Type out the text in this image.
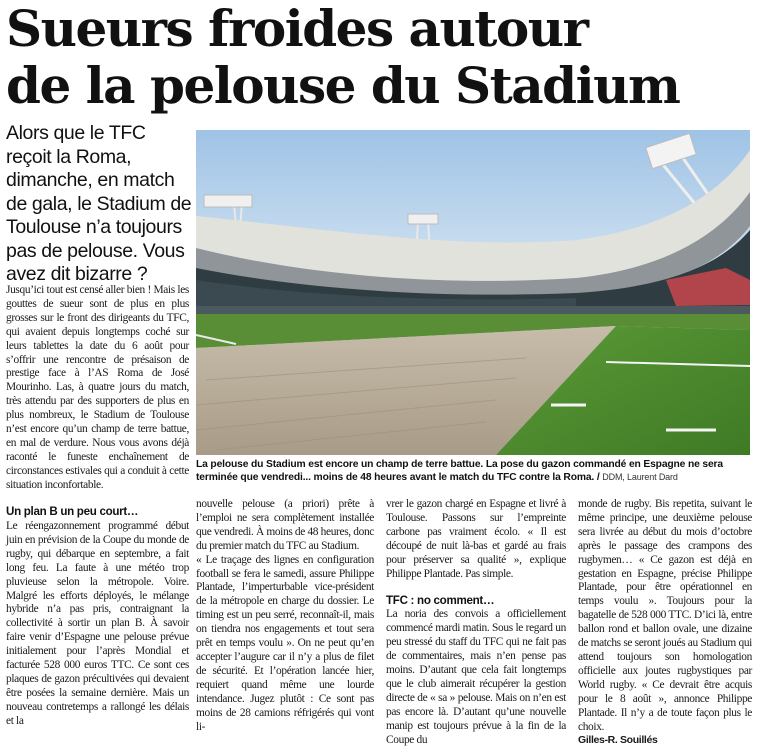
Sueurs froides autour
de la pelouse du Stadium
Alors que le TFC reçoit la Roma, dimanche, en match de gala, le Stadium de Toulouse n’a toujours pas de pelouse. Vous avez dit bizarre ?
La pelouse du Stadium est encore un champ de terre battue. La pose du gazon commandé en Espagne ne sera terminée que vendredi... moins de 48 heures avant le match du TFC contre la Roma. / DDM, Laurent Dard

Jusqu’ici tout est censé aller bien ! Mais les gouttes de sueur sont de plus en plus grosses sur le front des dirigeants du TFC, qui avaient depuis longtemps coché sur leurs tablettes la date du 6 août pour s’offrir une rencontre de présaison de prestige face à l’AS Roma de José Mourinho. Las, à quatre jours du match, très attendu par des supporters de plus en plus nombreux, le Stadium de Toulouse n’est encore qu’un champ de terre battue, en mal de verdure. Nous vous avons déjà raconté le funeste enchaînement de circonstances estivales qui a conduit à cette situation inconfortable.

Un plan B un peu court…

Le réengazonnement programmé début juin en prévision de la Coupe du monde de rugby, qui débarque en septembre, a fait long feu. La faute à une météo trop pluvieuse selon la métropole. Voire. Malgré les efforts déployés, le mélange hybride n’a pas pris, contraignant la collectivité à sortir un plan B. À savoir faire venir d’Espagne une pelouse prévue initialement pour l’après Mondial et facturée 528 000 euros TTC. Ce sont ces plaques de gazon précultivées qui devaient être posées la semaine dernière. Mais un nouveau contretemps a rallongé les délais et la

nouvelle pelouse (a priori) prête à l’emploi ne sera complètement installée que vendredi. À moins de 48 heures, donc du premier match du TFC au Stadium.

« Le traçage des lignes en configuration football se fera le samedi, assure Philippe Plantade, l’imperturbable vice-président de la métropole en charge du dossier. Le timing est un peu serré, reconnaît-il, mais on tiendra nos engagements et tout sera prêt en temps voulu ». On ne peut qu’en accepter l’augure car il n’y a plus de filet de sécurité. Et l’opération lancée hier, requiert quand même une lourde intendance. Jugez plutôt : Ce sont pas moins de 28 camions réfrigérés qui vont li-

vrer le gazon chargé en Espagne et livré à Toulouse. Passons sur l’empreinte carbone pas vraiment écolo. « Il est découpé de nuit là-bas et gardé au frais pour préserver sa qualité », explique Philippe Plantade. Pas simple.

TFC : no comment…

La noria des convois a officiellement commencé mardi matin. Sous le regard un peu stressé du staff du TFC qui ne fait pas de commentaires, mais n’en pense pas moins. D’autant que cela fait longtemps que le club aimerait récupérer la gestion directe de « sa » pelouse. Mais on n’en est pas encore là. D’autant qu’une nouvelle manip est toujours prévue à la fin de la Coupe du

monde de rugby. Bis repetita, suivant le même principe, une deuxième pelouse sera livrée au début du mois d’octobre après le passage des crampons des rugbymen… « Ce gazon est déjà en gestation en Espagne, précise Philippe Plantade, pour être opérationnel en temps voulu ». Toujours pour la bagatelle de 528 000 TTC. D’ici là, entre ballon rond et ballon ovale, une dizaine de matchs se seront joués au Stadium qui attend toujours son homologation officielle aux joutes rugbystiques par World rugby. « Ce devrait être acquis pour le 8 août », annonce Philippe Plantade. Il n’y a de toute façon plus le choix.

Gilles-R. Souillés
